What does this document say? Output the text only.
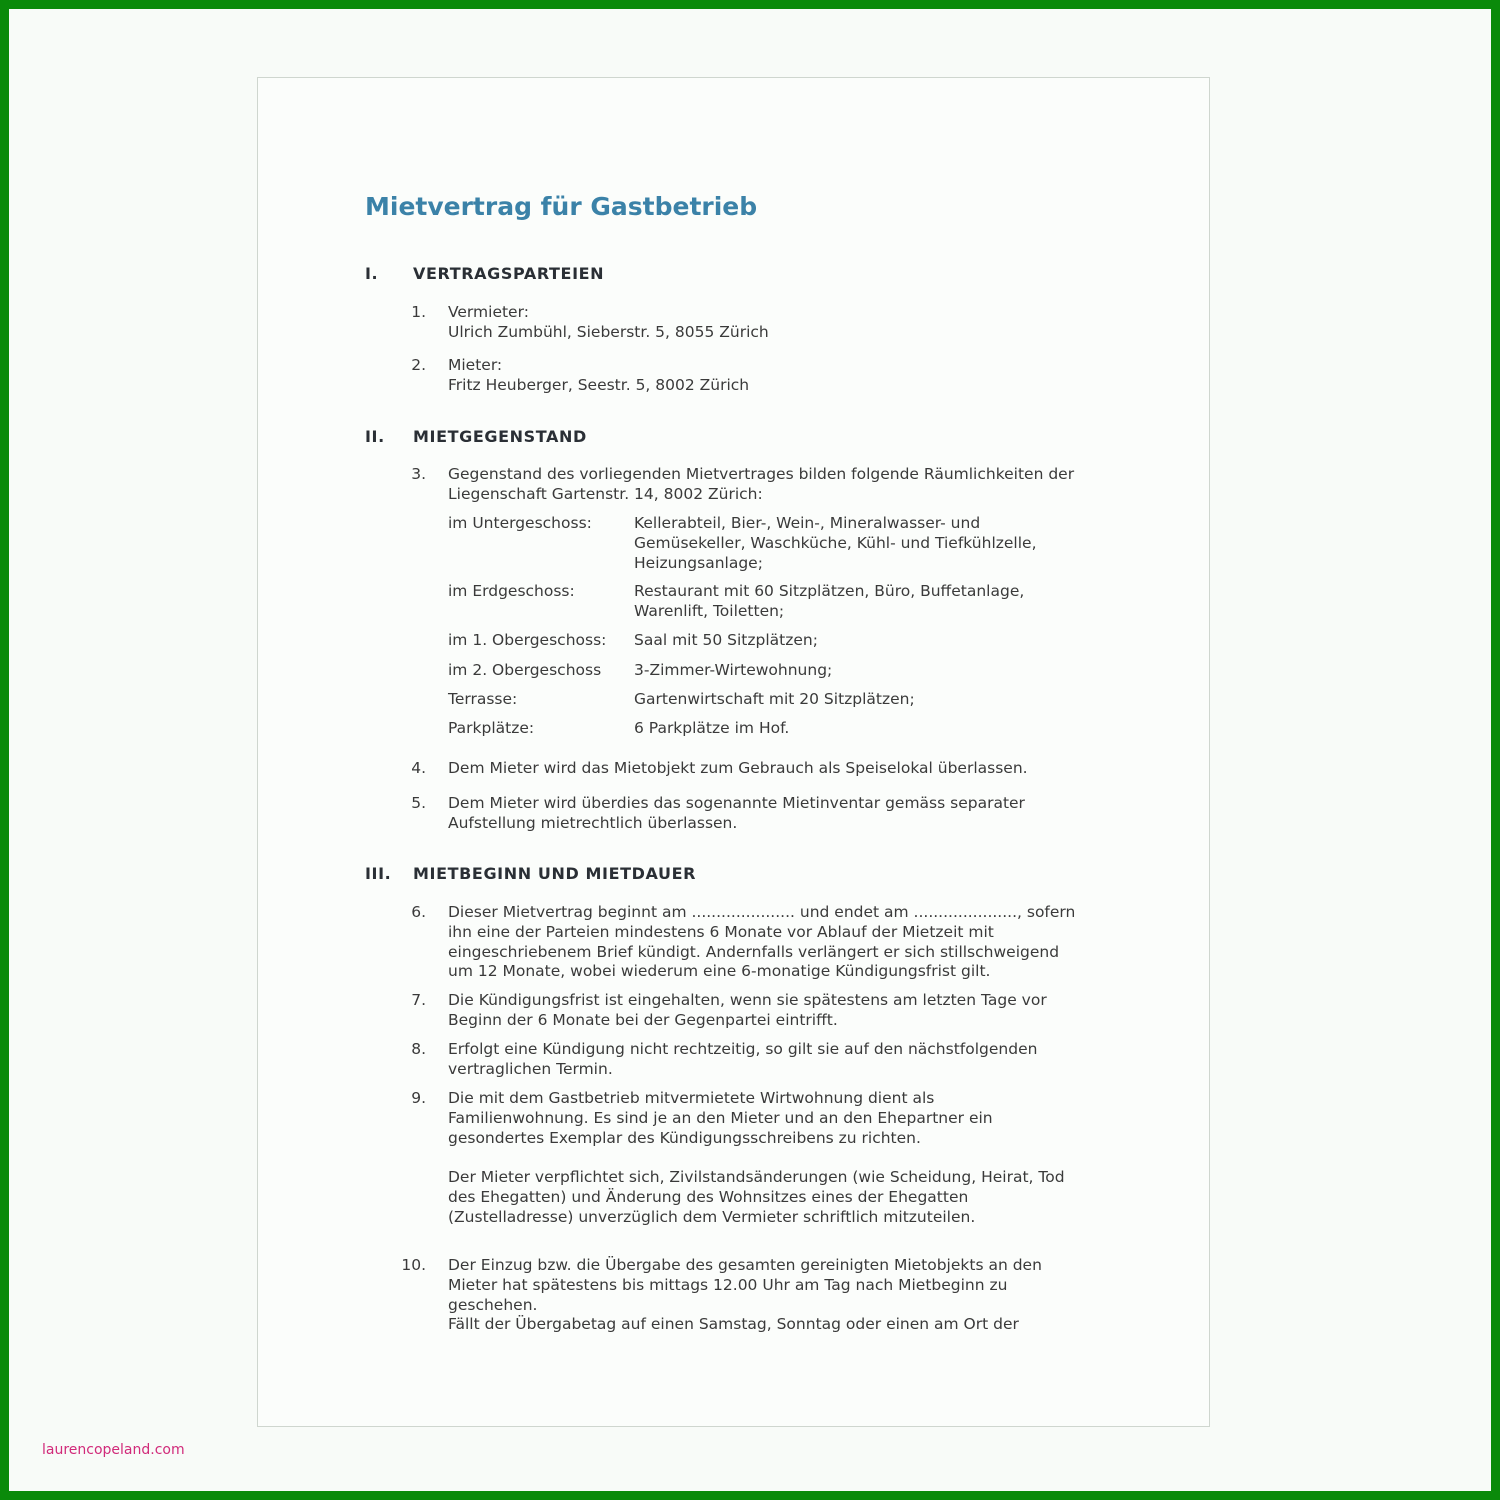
Mietvertrag für Gastbetrieb
I. VERTRAGSPARTEIEN
1. Vermieter:
Ulrich Zumbühl, Sieberstr. 5, 8055 Zürich
2. Mieter:
Fritz Heuberger, Seestr. 5, 8002 Zürich
II. MIETGEGENSTAND
3. Gegenstand des vorliegenden Mietvertrages bilden folgende Räumlichkeiten der
Liegenschaft Gartenstr. 14, 8002 Zürich:
im Untergeschoss:	Kellerabteil, Bier-, Wein-, Mineralwasser- und
Gemüsekeller, Waschküche, Kühl- und Tiefkühlzelle,
Heizungsanlage;
im Erdgeschoss:	Restaurant mit 60 Sitzplätzen, Büro, Buffetanlage,
Warenlift, Toiletten;
im 1. Obergeschoss: Saal mit 50 Sitzplätzen;
im 2. Obergeschoss 3-Zimmer-Wirtewohnung;
Terrasse:	Gartenwirtschaft mit 20 Sitzplätzen;
Parkplätze:	6 Parkplätze im Hof.
4. Dem Mieter wird das Mietobjekt zum Gebrauch als Speiselokal überlassen.
5. Dem Mieter wird überdies das sogenannte Mietinventar gemäss separater
Aufstellung mietrechtlich überlassen.
III. MIETBEGINN UND MIETDAUER
6. Dieser Mietvertrag beginnt am ..................... und endet am ....................., sofern
ihn eine der Parteien mindestens 6 Monate vor Ablauf der Mietzeit mit
eingeschriebenem Brief kündigt. Andernfalls verlängert er sich stillschweigend
um 12 Monate, wobei wiederum eine 6-monatige Kündigungsfrist gilt.
7. Die Kündigungsfrist ist eingehalten, wenn sie spätestens am letzten Tage vor
Beginn der 6 Monate bei der Gegenpartei eintrifft.
8. Erfolgt eine Kündigung nicht rechtzeitig, so gilt sie auf den nächstfolgenden
vertraglichen Termin.
9. Die mit dem Gastbetrieb mitvermietete Wirtwohnung dient als
Familienwohnung. Es sind je an den Mieter und an den Ehepartner ein
gesondertes Exemplar des Kündigungsschreibens zu richten.
Der Mieter verpflichtet sich, Zivilstandsänderungen (wie Scheidung, Heirat, Tod
des Ehegatten) und Änderung des Wohnsitzes eines der Ehegatten
(Zustelladresse) unverzüglich dem Vermieter schriftlich mitzuteilen.
10. Der Einzug bzw. die Übergabe des gesamten gereinigten Mietobjekts an den
Mieter hat spätestens bis mittags 12.00 Uhr am Tag nach Mietbeginn zu
geschehen.
Fällt der Übergabetag auf einen Samstag, Sonntag oder einen am Ort der
laurencopeland.com
